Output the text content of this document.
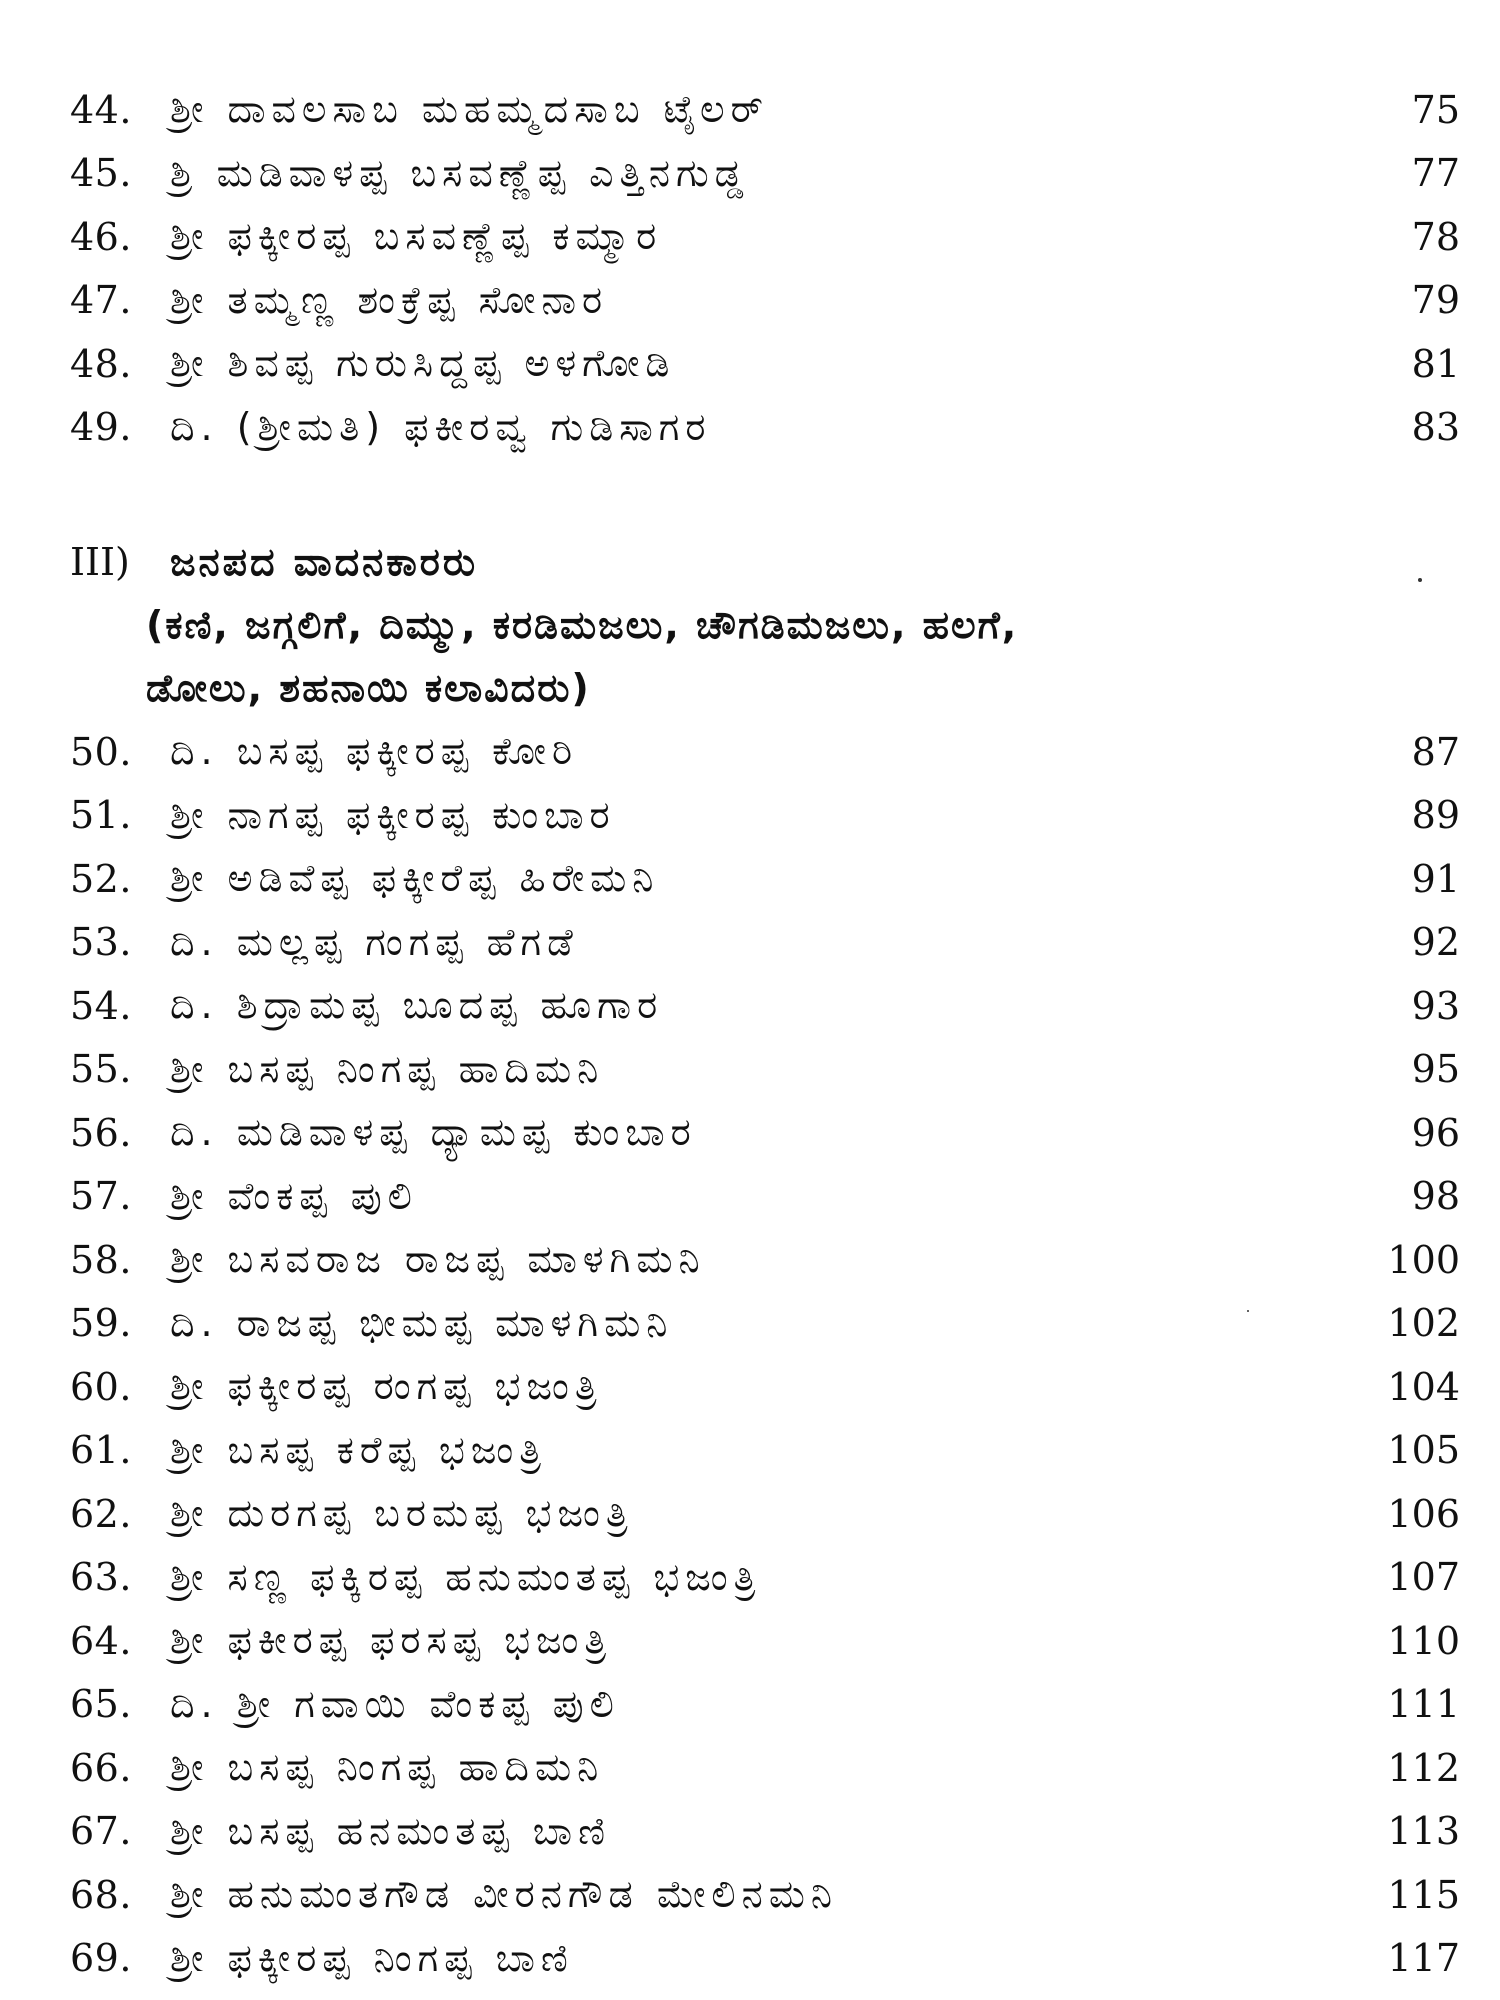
44.	ಶ್ರೀ ದಾವಲಸಾಬ ಮಹಮ್ಮದಸಾಬ ಟೈಲರ್	75
45.	ಶ್ರಿ ಮಡಿವಾಳಪ್ಪ ಬಸವಣ್ಣೆಪ್ಪ ಎತ್ತಿನಗುಡ್ಡ	77
46.	ಶ್ರೀ ಫಕ್ಕೀರಪ್ಪ ಬಸವಣ್ಣೆಪ್ಪ ಕಮ್ಮಾರ	78
47.	ಶ್ರೀ ತಮ್ಮಣ್ಣ ಶಂಕ್ರೆಪ್ಪ ಸೋನಾರ	79
48.	ಶ್ರೀ ಶಿವಪ್ಪ ಗುರುಸಿದ್ದಪ್ಪ ಅಳಗೋಡಿ	81
49.	ದಿ. (ಶ್ರೀಮತಿ) ಫಕೀರವ್ವ ಗುಡಿಸಾಗರ	83
III)	ಜನಪದ ವಾದನಕಾರರು

(ಕಣಿ, ಜಗ್ಗಲಿಗೆ, ದಿಮ್ಮು, ಕರಡಿಮಜಲು, ಚೌಗಡಿಮಜಲು, ಹಲಗೆ,
ಡೋಲು, ಶಹನಾಯಿ ಕಲಾವಿದರು)

50.	ದಿ. ಬಸಪ್ಪ ಫಕ್ಕೀರಪ್ಪ ಕೋರಿ	87
51.	ಶ್ರೀ ನಾಗಪ್ಪ ಫಕ್ಕೀರಪ್ಪ ಕುಂಬಾರ	89
52.	ಶ್ರೀ ಅಡಿವೆಪ್ಪ ಫಕ್ಕೀರೆಪ್ಪ ಹಿರೇಮನಿ	91
53.	ದಿ. ಮಲ್ಲಪ್ಪ ಗಂಗಪ್ಪ ಹೆಗಡೆ	92
54.	ದಿ. ಶಿದ್ರಾಮಪ್ಪ ಬೂದಪ್ಪ ಹೂಗಾರ	93
55.	ಶ್ರೀ ಬಸಪ್ಪ ನಿಂಗಪ್ಪ ಹಾದಿಮನಿ	95
56.	ದಿ. ಮಡಿವಾಳಪ್ಪ ದ್ಯಾಮಪ್ಪ ಕುಂಬಾರ	96
57.	ಶ್ರೀ ವೆಂಕಪ್ಪ ಪುಲಿ	98
58.	ಶ್ರೀ ಬಸವರಾಜ ರಾಜಪ್ಪ ಮಾಳಗಿಮನಿ	100
59.	ದಿ. ರಾಜಪ್ಪ ಭೀಮಪ್ಪ ಮಾಳಗಿಮನಿ	102
60.	ಶ್ರೀ ಫಕ್ಕೀರಪ್ಪ ರಂಗಪ್ಪ ಭಜಂತ್ರಿ	104
61.	ಶ್ರೀ ಬಸಪ್ಪ ಕರೆಪ್ಪ ಭಜಂತ್ರಿ	105
62.	ಶ್ರೀ ದುರಗಪ್ಪ ಬರಮಪ್ಪ ಭಜಂತ್ರಿ	106
63.	ಶ್ರೀ ಸಣ್ಣ ಫಕ್ಕಿರಪ್ಪ ಹನುಮಂತಪ್ಪ ಭಜಂತ್ರಿ	107
64.	ಶ್ರೀ ಫಕೀರಪ್ಪ ಫರಸಪ್ಪ ಭಜಂತ್ರಿ	110
65.	ದಿ. ಶ್ರೀ ಗವಾಯಿ ವೆಂಕಪ್ಪ ಪುಲಿ	111
66.	ಶ್ರೀ ಬಸಪ್ಪ ನಿಂಗಪ್ಪ ಹಾದಿಮನಿ	112
67.	ಶ್ರೀ ಬಸಪ್ಪ ಹನಮಂತಪ್ಪ ಬಾಣಿ	113
68.	ಶ್ರೀ ಹನುಮಂತಗೌಡ ವೀರನಗೌಡ ಮೇಲಿನಮನಿ	115
69.	ಶ್ರೀ ಫಕ್ಕೀರಪ್ಪ ನಿಂಗಪ್ಪ ಬಾಣಿ	117
